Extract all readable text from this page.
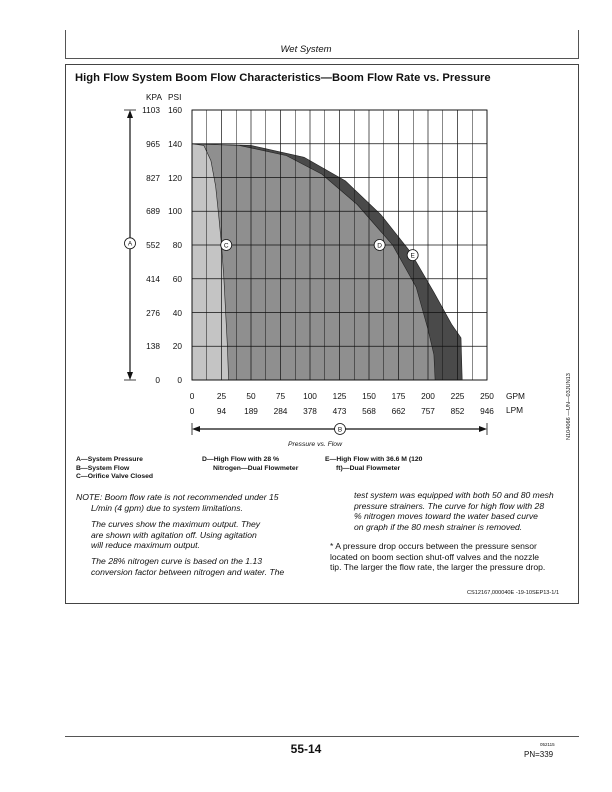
Wet System
High Flow System Boom Flow Characteristics—Boom Flow Rate vs. Pressure
A
B
C	D
E
KPA PSI
0
0
20
138
40
276
60
414
80
552
100
689
120
827
140
965
160
1103
0
0
25
94
50
189
75
284
100
378
125
473
150
568
175
662
200
757
225
852
250
946
GPM
LPM
Pressure vs. Flow
N104066 —UN—03JUN13
A—System Pressure
B—System Flow
C—Orifice Valve Closed
D—High Flow with 28 %
Nitrogen—Dual Flowmeter
E—High Flow with 36.6 M (120
ft)—Dual Flowmeter
NOTE: Boom flow rate is not recommended under 15
L/min (4 gpm) due to system limitations.
The curves show the maximum output. They
are shown with agitation off. Using agitation
will reduce maximum output.
The 28% nitrogen curve is based on the 1.13
conversion factor between nitrogen and water. The
test system was equipped with both 50 and 80 mesh
pressure strainers. The curve for high flow with 28
% nitrogen moves toward the water based curve
on graph if the 80 mesh strainer is removed.
* A pressure drop occurs between the pressure sensor
located on boom section shut-off valves and the nozzle
tip. The larger the flow rate, the larger the pressure drop.
CS12167,000040E -19-10SEP13-1/1
55-14	052115
PN=339
